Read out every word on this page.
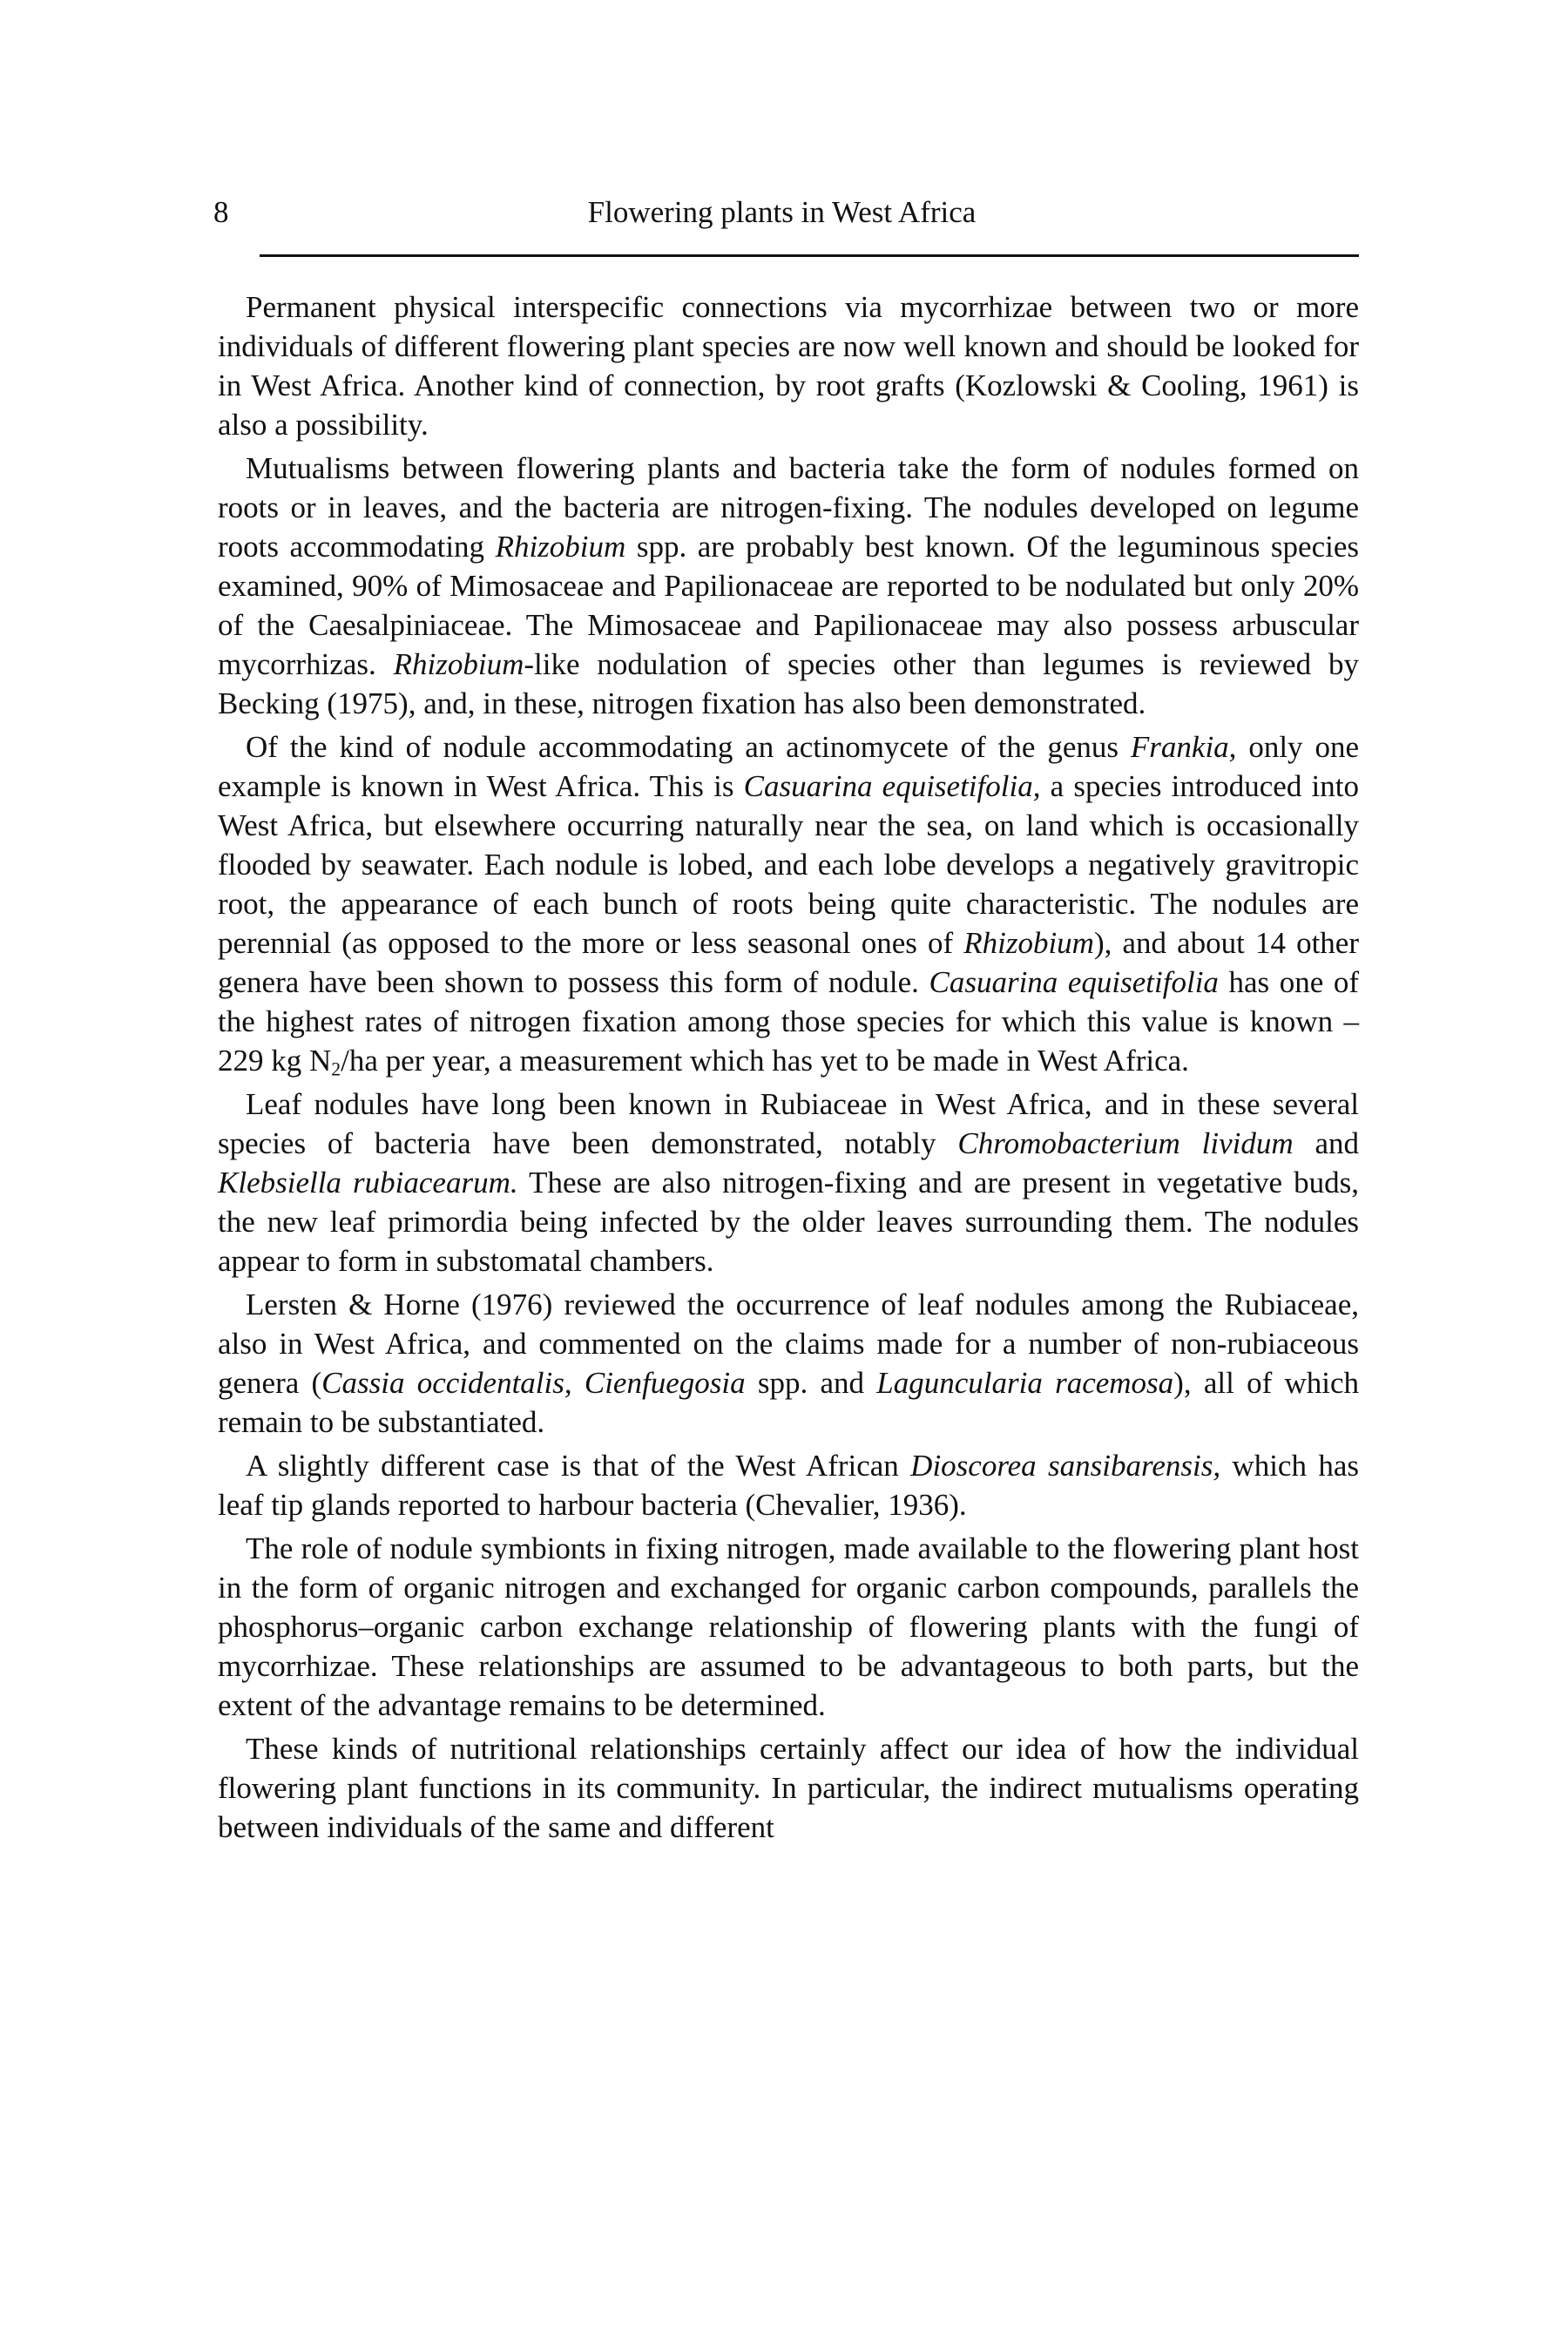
8	Flowering plants in West Africa

Permanent physical interspecific connections via mycorrhizae between two or more individuals of different flowering plant species are now well known and should be looked for in West Africa. Another kind of connection, by root grafts (Kozlowski & Cooling, 1961) is also a possibility.

Mutualisms between flowering plants and bacteria take the form of nodules formed on roots or in leaves, and the bacteria are nitrogen-fixing. The nodules developed on legume roots accommodating Rhizobium spp. are probably best known. Of the leguminous species examined, 90% of Mimosaceae and Papilionaceae are reported to be nodulated but only 20% of the Caesalpiniaceae. The Mimosaceae and Papilionaceae may also possess arbuscular mycorrhizas. Rhizobium-like nodulation of species other than legumes is reviewed by Becking (1975), and, in these, nitrogen fixation has also been demonstrated.

Of the kind of nodule accommodating an actinomycete of the genus Frankia, only one example is known in West Africa. This is Casuarina equisetifolia, a species introduced into West Africa, but elsewhere occurring naturally near the sea, on land which is occasionally flooded by seawater. Each nodule is lobed, and each lobe develops a negatively gravitropic root, the appearance of each bunch of roots being quite characteristic. The nodules are perennial (as opposed to the more or less seasonal ones of Rhizobium), and about 14 other genera have been shown to possess this form of nodule. Casuarina equisetifolia has one of the highest rates of nitrogen fixation among those species for which this value is known – 229 kg $N_2/ha$ per year, a measurement which has yet to be made in West Africa.

Leaf nodules have long been known in Rubiaceae in West Africa, and in these several species of bacteria have been demonstrated, notably Chromobacterium lividum and Klebsiella rubiacearum. These are also nitrogen-fixing and are present in vegetative buds, the new leaf primordia being infected by the older leaves surrounding them. The nodules appear to form in substomatal chambers.

Lersten & Horne (1976) reviewed the occurrence of leaf nodules among the Rubiaceae, also in West Africa, and commented on the claims made for a number of non-rubiaceous genera (Cassia occidentalis, Cienfuegosia spp. and Laguncularia racemosa), all of which remain to be substantiated.

A slightly different case is that of the West African Dioscorea sansibarensis, which has leaf tip glands reported to harbour bacteria (Chevalier, 1936).

The role of nodule symbionts in fixing nitrogen, made available to the flowering plant host in the form of organic nitrogen and exchanged for organic carbon compounds, parallels the phosphorus–organic carbon exchange relationship of flowering plants with the fungi of mycorrhizae. These relationships are assumed to be advantageous to both parts, but the extent of the advantage remains to be determined.

These kinds of nutritional relationships certainly affect our idea of how the individual flowering plant functions in its community. In particular, the indirect mutualisms operating between individuals of the same and different
